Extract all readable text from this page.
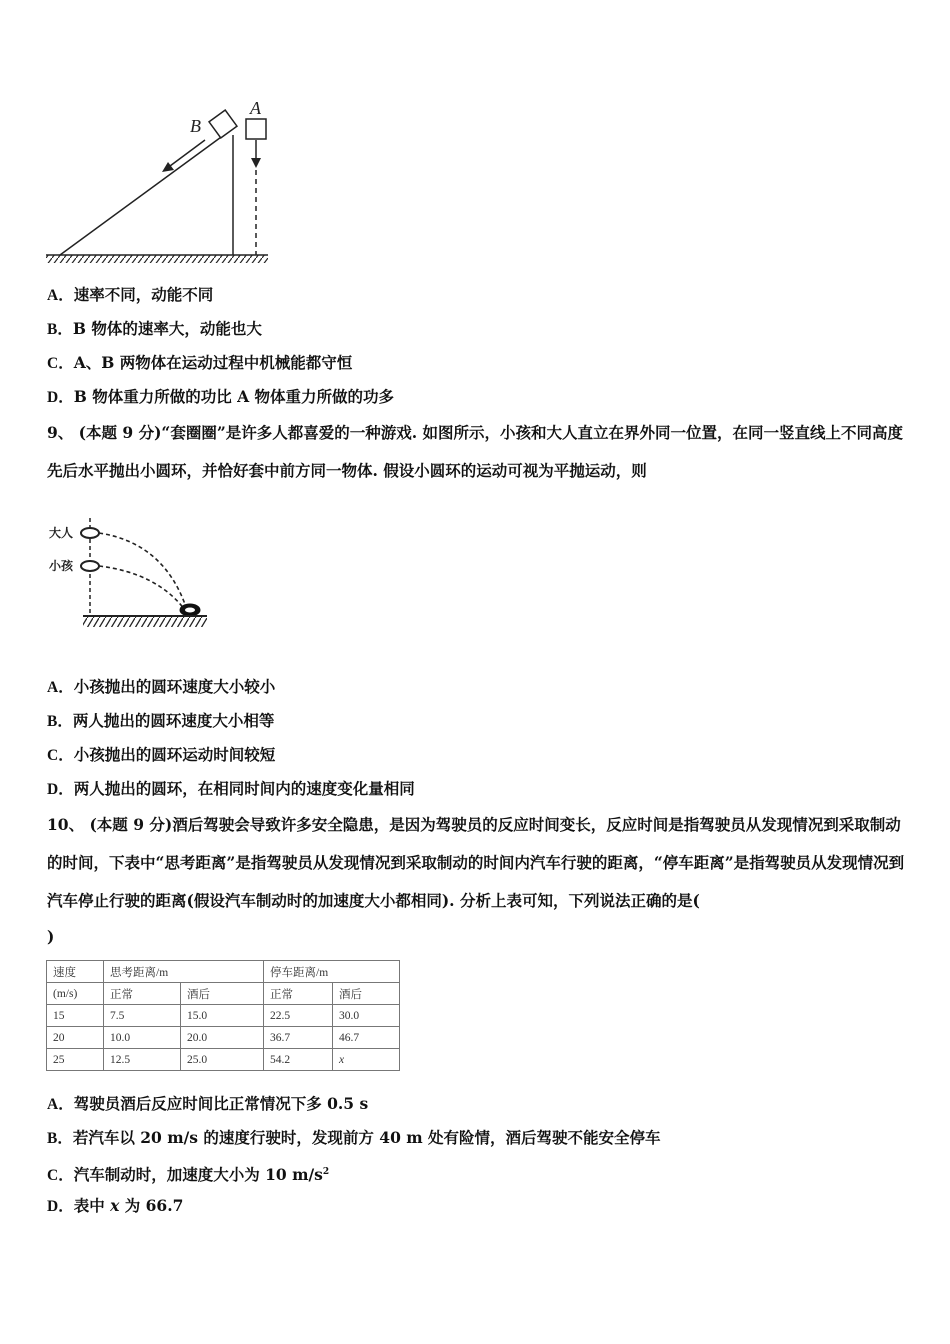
B
A
A．速率不同，动能不同
B．B 物体的速率大，动能也大
C．A、B 两物体在运动过程中机械能都守恒
D．B 物体重力所做的功比 A 物体重力所做的功多
9、 (本题 9 分)“套圈圈”是许多人都喜爱的一种游戏. 如图所示，小孩和大人直立在界外同一位置，在同一竖直线上不同高度先后水平抛出小圆环，并恰好套中前方同一物体. 假设小圆环的运动可视为平抛运动，则
大人
小孩
A．小孩抛出的圆环速度大小较小
B．两人抛出的圆环速度大小相等
C．小孩抛出的圆环运动时间较短
D．两人抛出的圆环，在相同时间内的速度变化量相同
10、 (本题 9 分)酒后驾驶会导致许多安全隐患，是因为驾驶员的反应时间变长，反应时间是指驾驶员从发现情况到采取制动的时间，下表中“思考距离”是指驾驶员从发现情况到采取制动的时间内汽车行驶的距离，“停车距离”是指驾驶员从发现情况到汽车停止行驶的距离(假设汽车制动时的加速度大小都相同). 分析上表可知，下列说法正确的是(
)
速度	思考距离/m		停车距离/m	
(m/s)	正常	酒后	正常	酒后
15	7.5	15.0	22.5	30.0
20	10.0	20.0	36.7	46.7
25	12.5	25.0	54.2	x
A．驾驶员酒后反应时间比正常情况下多 0.5 s
B．若汽车以 20 m/s 的速度行驶时，发现前方 40 m 处有险情，酒后驾驶不能安全停车
C．汽车制动时，加速度大小为 10 $m/s^2$
D．表中 x 为 66.7
